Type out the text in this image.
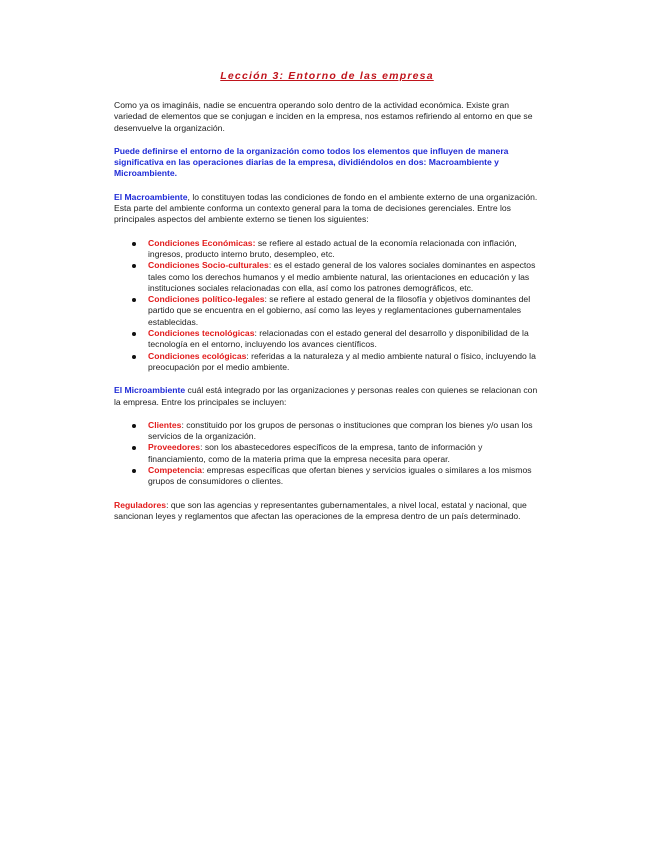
Lección 3: Entorno de las empresa

Como ya os imagináis, nadie se encuentra operando solo dentro de la actividad económica. Existe gran variedad de elementos que se conjugan e inciden en la empresa, nos estamos refiriendo al entorno en que se desenvuelve la organización.

Puede definirse el entorno de la organización como todos los elementos que influyen de manera significativa en las operaciones diarias de la empresa, dividiéndolos en dos: Macroambiente y Microambiente.

El Macroambiente, lo constituyen todas las condiciones de fondo en el ambiente externo de una organización. Esta parte del ambiente conforma un contexto general para la toma de decisiones gerenciales. Entre los principales aspectos del ambiente externo se tienen los siguientes:

Condiciones Económicas: se refiere al estado actual de la economía relacionada con inflación, ingresos, producto interno bruto, desempleo, etc.
Condiciones Socio-culturales: es el estado general de los valores sociales dominantes en aspectos tales como los derechos humanos y el medio ambiente natural, las orientaciones en educación y las instituciones sociales relacionadas con ella, así como los patrones demográficos, etc.
Condiciones político-legales: se refiere al estado general de la filosofía y objetivos dominantes del partido que se encuentra en el gobierno, así como las leyes y reglamentaciones gubernamentales establecidas.
Condiciones tecnológicas: relacionadas con el estado general del desarrollo y disponibilidad de la tecnología en el entorno, incluyendo los avances científicos.
Condiciones ecológicas: referidas a la naturaleza y al medio ambiente natural o físico, incluyendo la preocupación por el medio ambiente.

El Microambiente cuál está integrado por las organizaciones y personas reales con quienes se relacionan con la empresa. Entre los principales se incluyen:

Clientes: constituido por los grupos de personas o instituciones que compran los bienes y/o usan los servicios de la organización.
Proveedores: son los abastecedores específicos de la empresa, tanto de información y financiamiento, como de la materia prima que la empresa necesita para operar.
Competencia: empresas específicas que ofertan bienes y servicios iguales o similares a los mismos grupos de consumidores o clientes.

Reguladores: que son las agencias y representantes gubernamentales, a nivel local, estatal y nacional, que sancionan leyes y reglamentos que afectan las operaciones de la empresa dentro de un país determinado.
